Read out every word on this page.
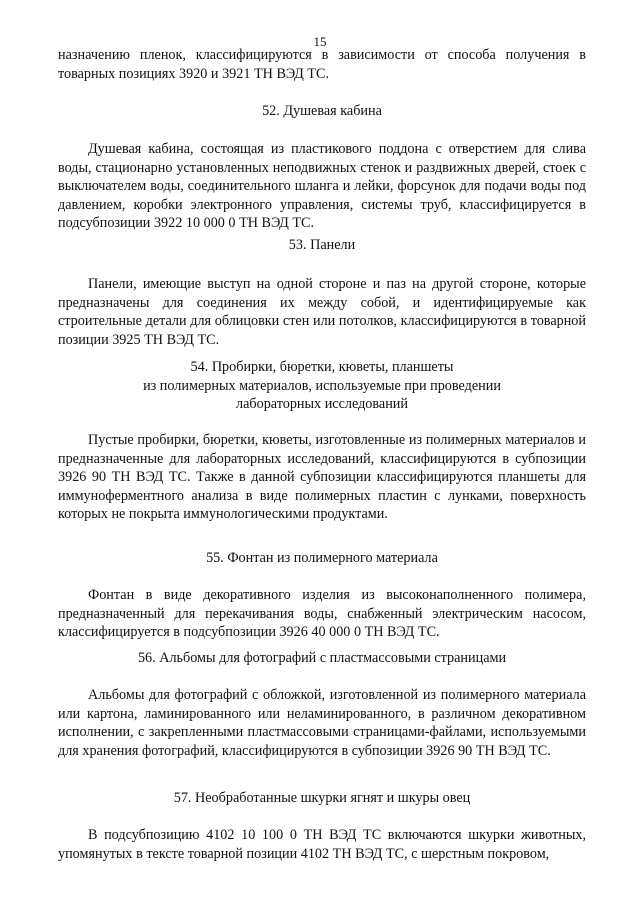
15

назначению пленок, классифицируются в зависимости от способа получения в товарных позициях 3920 и 3921 ТН ВЭД ТС.

52. Душевая кабина

Душевая кабина, состоящая из пластикового поддона с отверстием для слива воды, стационарно установленных неподвижных стенок и раздвижных дверей, стоек с выключателем воды, соединительного шланга и лейки, форсунок для подачи воды под давлением, коробки электронного управления, системы труб, классифицируется в подсубпозиции 3922 10 000 0 ТН ВЭД ТС.

53. Панели

Панели, имеющие выступ на одной стороне и паз на другой стороне, которые предназначены для соединения их между собой, и идентифицируемые как строительные детали для облицовки стен или потолков, классифицируются в товарной позиции 3925 ТН ВЭД ТС.

54. Пробирки, бюретки, кюветы, планшеты

из полимерных материалов, используемые при проведении

лабораторных исследований

Пустые пробирки, бюретки, кюветы, изготовленные из полимерных материалов и предназначенные для лабораторных исследований, классифицируются в субпозиции 3926 90 ТН ВЭД ТС. Также в данной субпозиции классифицируются планшеты для иммуноферментного анализа в виде полимерных пластин с лунками, поверхность которых не покрыта иммунологическими продуктами.

55. Фонтан из полимерного материала

Фонтан в виде декоративного изделия из высоконаполненного полимера, предназначенный для перекачивания воды, снабженный электрическим насосом, классифицируется в подсубпозиции 3926 40 000 0 ТН ВЭД ТС.

56. Альбомы для фотографий с пластмассовыми страницами

Альбомы для фотографий с обложкой, изготовленной из полимерного материала или картона, ламинированного или неламинированного, в различном декоративном исполнении, с закрепленными пластмассовыми страницами-файлами, используемыми для хранения фотографий, классифицируются в субпозиции 3926 90 ТН ВЭД ТС.

57. Необработанные шкурки ягнят и шкуры овец

В подсубпозицию 4102 10 100 0 ТН ВЭД ТС включаются шкурки животных, упомянутых в тексте товарной позиции 4102 ТН ВЭД ТС, с шерстным покровом,
